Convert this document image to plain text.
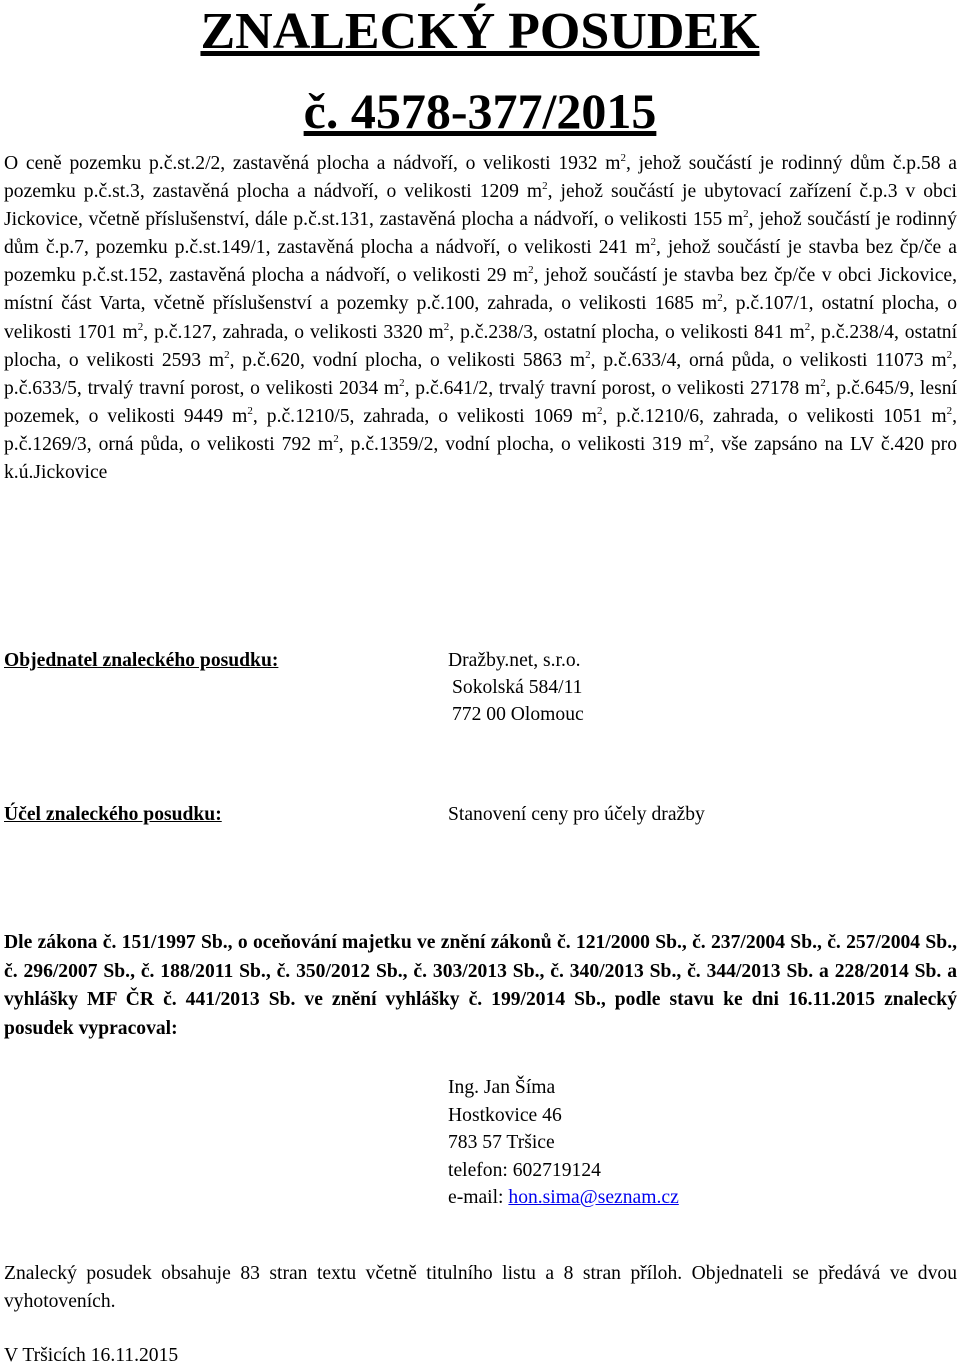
ZNALECKÝ POSUDEK
č. 4578-377/2015

O ceně pozemku p.č.st.2/2, zastavěná plocha a nádvoří, o velikosti 1932 $m^2$, jehož součástí je rodinný dům č.p.58 a pozemku p.č.st.3, zastavěná plocha a nádvoří, o velikosti 1209 $m^2$, jehož součástí je ubytovací zařízení č.p.3 v obci Jickovice, včetně příslušenství, dále p.č.st.131, zastavěná plocha a nádvoří, o velikosti 155 $m^2$, jehož součástí je rodinný dům č.p.7, pozemku p.č.st.149/1, zastavěná plocha a nádvoří, o velikosti 241 $m^2$, jehož součástí je stavba bez čp/če a pozemku p.č.st.152, zastavěná plocha a nádvoří, o velikosti 29 $m^2$, jehož součástí je stavba bez čp/če v obci Jickovice, místní část Varta, včetně příslušenství a pozemky p.č.100, zahrada, o velikosti 1685 $m^2$, p.č.107/1, ostatní plocha, o velikosti 1701 $m^2$, p.č.127, zahrada, o velikosti 3320 $m^2$, p.č.238/3, ostatní plocha, o velikosti 841 $m^2$, p.č.238/4, ostatní plocha, o velikosti 2593 $m^2$, p.č.620, vodní plocha, o velikosti 5863 $m^2$, p.č.633/4, orná půda, o velikosti 11073 $m^2$, p.č.633/5, trvalý travní porost, o velikosti 2034 $m^2$, p.č.641/2, trvalý travní porost, o velikosti 27178 $m^2$, p.č.645/9, lesní pozemek, o velikosti 9449 $m^2$, p.č.1210/5, zahrada, o velikosti 1069 $m^2$, p.č.1210/6, zahrada, o velikosti 1051 $m^2$, p.č.1269/3, orná půda, o velikosti 792 $m^2$, p.č.1359/2, vodní plocha, o velikosti 319 $m^2$, vše zapsáno na LV č.420 pro k.ú.Jickovice

Objednatel znaleckého posudku:	Dražby.net, s.r.o.
Sokolská 584/11
772 00 Olomouc
Účel znaleckého posudku:	Stanovení ceny pro účely dražby

Dle zákona č. 151/1997 Sb., o oceňování majetku ve znění zákonů č. 121/2000 Sb., č. 237/2004 Sb., č. 257/2004 Sb., č. 296/2007 Sb., č. 188/2011 Sb., č. 350/2012 Sb., č. 303/2013 Sb., č. 340/2013 Sb., č. 344/2013 Sb. a 228/2014 Sb. a vyhlášky MF ČR č. 441/2013 Sb. ve znění vyhlášky č. 199/2014 Sb., podle stavu ke dni 16.11.2015 znalecký posudek vypracoval:

Ing. Jan Šíma
Hostkovice 46
783 57 Tršice
telefon: 602719124
e-mail: hon.sima@seznam.cz

Znalecký posudek obsahuje 83 stran textu včetně titulního listu a 8 stran příloh. Objednateli se předává ve dvou vyhotoveních.

V Tršicích 16.11.2015
